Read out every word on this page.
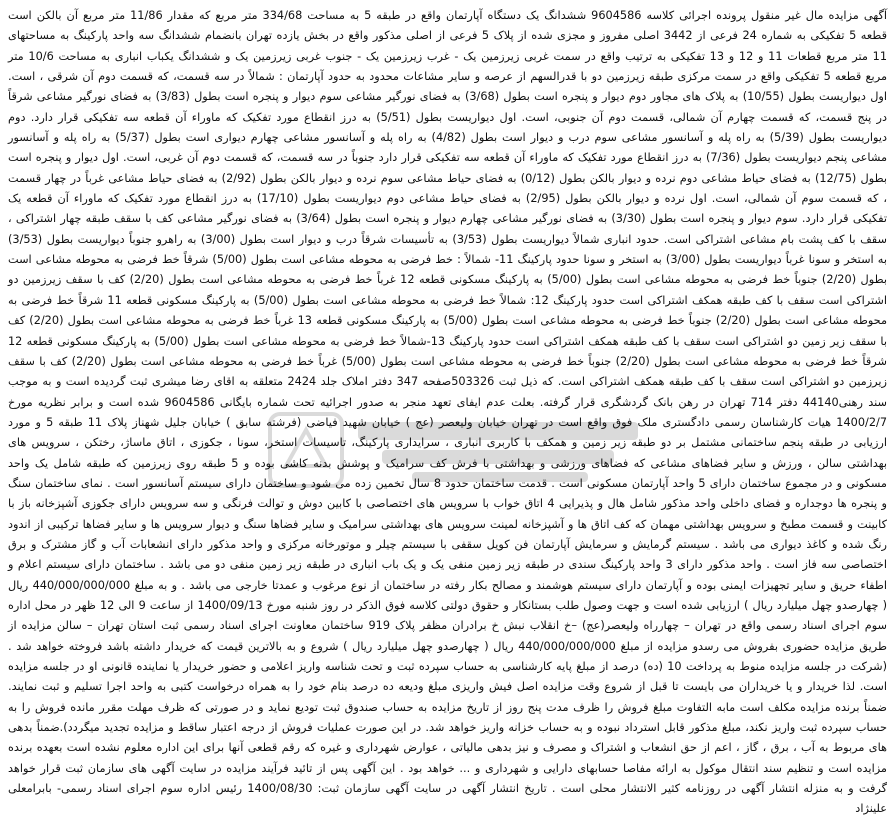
آگهی مزایده مال غیر منقول پرونده اجرائی کلاسه 9604586 ششدانگ یک دستگاه آپارتمان واقع در طبقه 5 به مساحت 334/68 متر مربع که مقدار 11/86 متر مربع آن بالکن است قطعه 5 تفکیکی به شماره 24 فرعی از 3442 اصلی مفروز و مجزی شده از پلاک 5 فرعی از اصلی مذکور واقع در بخش یازده تهران بانضمام ششدانگ سه واحد پارکینگ به مساحتهای 11 متر مربع قطعات 11 و 12 و 13 تفکیکی به ترتیب واقع در سمت غربی زیرزمین یک - غرب زیرزمین یک - جنوب غربی زیرزمین یک و ششدانگ یکباب انباری به مساحت 10/6 متر مربع قطعه 5 تفکیکی واقع در سمت مرکزی طبقه زیرزمین دو با قدرالسهم از عرصه و سایر مشاعات محدود به حدود آپارتمان : شمالاً در سه قسمت، که قسمت دوم آن شرقی ، است. اول دیواریست بطول (10/55) به پلاک های مجاور دوم دیوار و پنجره است بطول (3/68) به فضای نورگیر مشاعی سوم دیوار و پنجره است بطول (3/83) به فضای نورگیر مشاعی شرقاً در پنج قسمت، که قسمت چهارم آن شمالی، قسمت دوم آن جنوبی، است. اول دیواریست بطول (5/51) به درز انقطاع مورد تفکیک که ماوراء آن قطعه سه تفکیکی قرار دارد. دوم دیواریست بطول (5/39) به راه پله و آسانسور مشاعی سوم درب و دیوار است بطول (4/82) به راه پله و آسانسور مشاعی چهارم دیواری است بطول (5/37) به راه پله و آسانسور مشاعی پنجم دیواریست بطول (7/36) به درز انقطاع مورد تفکیک که ماوراء آن قطعه سه تفکیکی قرار دارد جنوباً در سه قسمت، که قسمت دوم آن غربی، است. اول دیوار و پنجره است بطول (12/75) به فضای حیاط مشاعی دوم نرده و دیوار بالکن بطول (0/12) به فضای حیاط مشاعی سوم نرده و دیوار بالکن بطول (2/92) به فضای حیاط مشاعی غرباً در چهار قسمت ، که قسمت سوم آن شمالی، است. اول نرده و دیوار بالکن بطول (2/95) به فضای حیاط مشاعی دوم دیواریست بطول (17/10) به درز انقطاع مورد تفکیک که ماوراء آن قطعه یک تفکیکی قرار دارد. سوم دیوار و پنجره است بطول (3/30) به فضای نورگیر مشاعی چهارم دیوار و پنجره است بطول (3/64) به فضای نورگیر مشاعی کف با سقف طبقه چهار اشتراکی ، سقف با کف پشت بام مشاعی اشتراکی است. حدود انباری شمالاً دیواریست بطول (3/53) به تأسیسات شرقاً درب و دیوار است بطول (3/00) به راهرو جنوباً دیواریست بطول (3/53) به استخر و سونا غرباً دیواریست بطول (3/00) به استخر و سونا حدود پارکینگ 11- شمالاً : خط فرضی به محوطه مشاعی است بطول (5/00) شرقاً خط فرضی به محوطه مشاعی است بطول (2/20) جنوباً خط فرضی به محوطه مشاعی است بطول (5/00) به پارکینگ مسکونی قطعه 12 غرباً خط فرضی به محوطه مشاعی است بطول (2/20) کف با سقف زیرزمین دو اشتراکی است سقف با کف طبقه همکف اشتراکی است حدود پارکینگ 12: شمالاً خط فرضی به محوطه مشاعی است بطول (5/00) به پارکینگ مسکونی قطعه 11 شرقاً خط فرضی به محوطه مشاعی است بطول (2/20) جنوباً خط فرضی به محوطه مشاعی است بطول (5/00) به پارکینگ مسکونی قطعه 13 غرباً خط فرضی به محوطه مشاعی است بطول (2/20) کف با سقف زیر زمین دو اشتراکی است سقف با کف طبقه همکف اشتراکی است حدود پارکینگ 13-شمالاً خط فرضی به محوطه مشاعی است بطول (5/00) به پارکینگ مسکونی قطعه 12 شرقاً خط فرضی به محوطه مشاعی است بطول (2/20) جنوباً خط فرضی به محوطه مشاعی است بطول (5/00) غرباً خط فرضی به محوطه مشاعی است بطول (2/20) کف با سقف زیرزمین دو اشتراکی است سقف با کف طبقه همکف اشتراکی است. که ذیل ثبت 503326صفحه 347 دفتر املاک جلد 2424 متعلقه به اقای رضا میشری ثبت گردیده است و به موجب سند رهنی44140 دفتر 714 تهران در رهن بانک گردشگری قرار گرفته. بعلت عدم ایفای تعهد منجر به صدور اجرائیه تحت شماره بایگانی 9604586 شده است و برابر نظریه مورخ 1400/2/7 هیات کارشناسان رسمی دادگستری ملک فوق واقع است در تهران خیابان ولیعصر (عج ) خیابان شهید فیاضی (فرشته سابق ) خیابان جلیل شهناز پلاک 11 طبقه 5 و مورد ارزیابی در طبقه پنجم ساختمانی مشتمل بر دو طبقه زیر زمین و همکف با کاربری انباری ، سرایداری پارکینگ، تاسیسات استخر، سونا ، جکوزی ، اتاق ماساژ، رختکن ، سرویس های بهداشتی سالن ، ورزش و سایر فضاهای مشاعی که فضاهای ورزشی و بهداشتی با فرش کف سرامیک و پوشش بدنه کاشی بوده و 5 طبقه روی زیرزمین که طبقه شامل یک واحد مسکونی و در مجموع ساختمان دارای 5 واحد آپارتمان مسکونی است . قدمت ساختمان حدود 8 سال تخمین زده می شود و ساختمان دارای سیستم آسانسور است . نمای ساختمان سنگ و پنجره ها دوجداره و فضای داخلی واحد مذکور شامل هال و پذیرایی 4 اتاق خواب با سرویس های اختصاصی با کابین دوش و توالت فرنگی و سه سرویس دارای جکوزی آشپزخانه باز با کابینت و قسمت مطبخ و سرویس بهداشتی مهمان که کف اتاق ها و آشپزخانه لمینت سرویس های بهداشتی سرامیک و سایر فضاها سنگ و دیوار سرویس ها و سایر فضاها ترکیبی از اندود رنگ شده و کاغذ دیواری می باشد . سیستم گرمایش و سرمایش آپارتمان فن کویل سقفی با سیستم چیلر و موتورخانه مرکزی و واحد مذکور دارای انشعابات آب و گاز مشترک و برق اختصاصی سه فاز است . واحد مذکور دارای 3 واحد پارکینگ سندی در طبقه زیر زمین منفی یک و یک باب انباری در طبقه زیر زمین منفی دو می باشد . ساختمان دارای سیستم اعلام و اطفاء حریق و سایر تجهیزات ایمنی بوده و آپارتمان دارای سیستم هوشمند و مصالح بکار رفته در ساختمان از نوع مرغوب و عمدتا خارجی می باشد . و به مبلغ 440/000/000/000 ریال ( چهارصدو چهل میلیارد ریال ) ارزیابی شده است و جهت وصول طلب بستانکار و حقوق دولتی کلاسه فوق الذکر در روز شنبه مورخ 1400/09/13 از ساعت 9 الی 12 ظهر در محل اداره سوم اجرای اسناد رسمی واقع در تهران – چهارراه ولیعصر(عج) –خ انقلاب نبش خ برادران مظفر پلاک 919 ساختمان معاونت اجرای اسناد رسمی ثبت استان تهران – سالن مزایده از طریق مزایده حضوری بفروش می رسدو مزایده از مبلغ 440/000/000/000 ریال ( چهارصدو چهل میلیارد ریال ) شروع و به بالاترین قیمت که خریدار داشته باشد فروخته خواهد شد . (شرکت در جلسه مزایده منوط به پرداخت 10 (ده) درصد از مبلغ پایه کارشناسی به حساب سپرده ثبت و تحت شناسه واریز اعلامی و حضور خریدار یا نماینده قانونی او در جلسه مزایده است. لذا خریدار و یا خریداران می بایست تا قبل از شروع وقت مزایده اصل فیش واریزی مبلغ ودیعه ده درصد بنام خود را به همراه درخواست کتبی به واحد اجرا تسلیم و ثبت نمایند. ضمناً برنده مزایده مکلف است مابه التفاوت مبلغ فروش را ظرف مدت پنج روز از تاریخ مزایده به حساب صندوق ثبت تودیع نماید و در صورتی که ظرف مهلت مقرر مانده فروش را به حساب سپرده ثبت واریز نکند، مبلغ مذکور قابل استرداد نبوده و به حساب خزانه واریز خواهد شد. در این صورت عملیات فروش از درجه اعتبار ساقط و مزایده تجدید میگردد).ضمناً بدهی های مربوط به آب ، برق ، گاز ، اعم از حق انشعاب و اشتراک و مصرف و نیز بدهی مالیاتی ، عوارض شهرداری و غیره که رقم قطعی آنها برای این اداره معلوم نشده است بعهده برنده مزایده است و تنظیم سند انتقال موکول به ارائه مفاصا حسابهای دارایی و شهرداری و ... خواهد بود . این آگهی پس از تائید فرآیند مزایده در سایت آگهی های سازمان ثبت قرار خواهد گرفت و به منزله انتشار آگهی در روزنامه کثیر الانتشار محلی است . تاریخ انتشار آگهی در سایت آگهی سازمان ثبت: 1400/08/30 رئیس اداره سوم اجرای اسناد رسمی- بابرامعلی علینژاد
